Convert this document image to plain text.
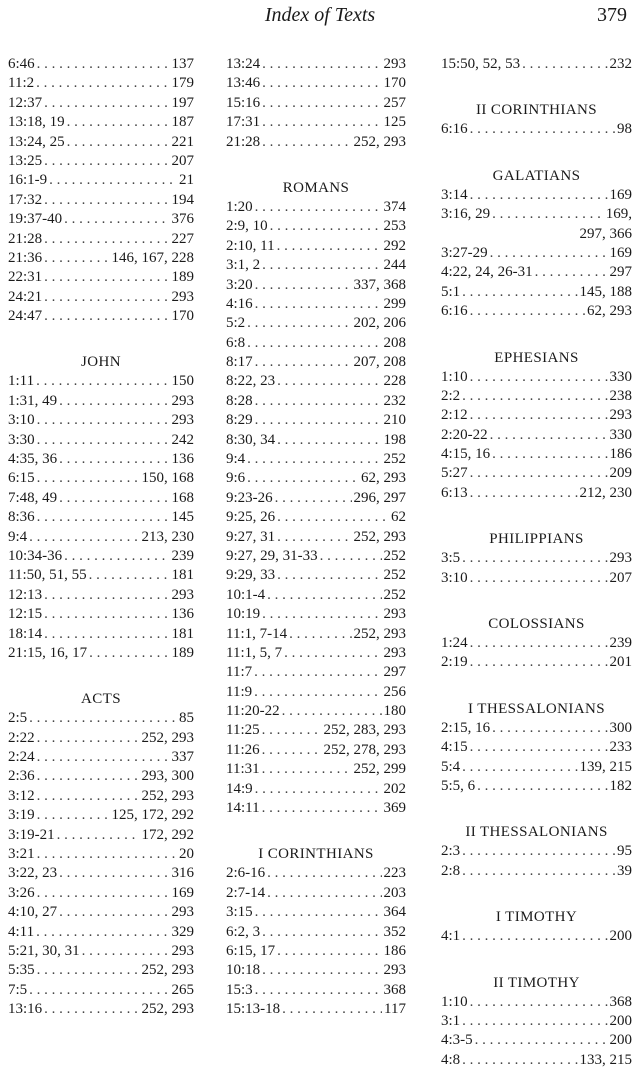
Index of Texts	379
6:46 . . .	137
11:2 . . .	179
12:37 . . .	197
13:18, 19 . . .	187
13:24, 25 . . .	221
13:25 . . .	207
16:1-9 . . .	21
17:32 . . .	194
19:37-40 . . .	376
21:28 . . .	227
21:36 . . .	146, 167, 228
22:31 . . .	189
24:21 . . .	293
24:47 . . .	170
JOHN
1:11 . . .	150
1:31, 49 . . .	293
3:10 . . .	293
3:30 . . .	242
4:35, 36 . . .	136
6:15 . . .	150, 168
7:48, 49 . . .	168
8:36 . . .	145
9:4 . . .	213, 230
10:34-36 . . .	239
11:50, 51, 55 . . .	181
12:13 . . .	293
12:15 . . .	136
18:14 . . .	181
21:15, 16, 17 . . .	189
ACTS
2:5 . . .	85
2:22 . . .	252, 293
2:24 . . .	337
2:36 . . .	293, 300
3:12 . . .	252, 293
3:19 . . .	125, 172, 292
3:19-21 . . .	172, 292
3:21 . . .	20
3:22, 23 . . .	316
3:26 . . .	169
4:10, 27 . . .	293
4:11 . . .	329
5:21, 30, 31 . . .	293
5:35 . . .	252, 293
7:5 . . .	265
13:16 . . .	252, 293
13:24 . . .	293
13:46 . . .	170
15:16 . . .	257
17:31 . . .	125
21:28 . . .	252, 293
ROMANS
1:20 . . .	374
2:9, 10 . . .	253
2:10, 11 . . .	292
3:1, 2 . . .	244
3:20 . . .	337, 368
4:16 . . .	299
5:2 . . .	202, 206
6:8 . . .	208
8:17 . . .	207, 208
8:22, 23 . . .	228
8:28 . . .	232
8:29 . . .	210
8:30, 34 . . .	198
9:4 . . .	252
9:6 . . .	62, 293
9:23-26 . . .	296, 297
9:25, 26 . . .	62
9:27, 31 . . .	252, 293
9:27, 29, 31-33 . . .	252
9:29, 33 . . .	252
10:1-4 . . .	252
10:19 . . .	293
11:1, 7-14 . . .	252, 293
11:1, 5, 7 . . .	293
11:7 . . .	297
11:9 . . .	256
11:20-22 . . .	180
11:25 . . .	252, 283, 293
11:26 . . .	252, 278, 293
11:31 . . .	252, 299
14:9 . . .	202
14:11 . . .	369
I CORINTHIANS
2:6-16 . . .	223
2:7-14 . . .	203
3:15 . . .	364
6:2, 3 . . .	352
6:15, 17 . . .	186
10:18 . . .	293
15:3 . . .	368
15:13-18 . . .	117
15:50, 52, 53 . . .	232
II CORINTHIANS
6:16 . . .	98
GALATIANS
3:14 . . .	169
3:16, 29 . . .	169,
297, 366
3:27-29 . . .	169
4:22, 24, 26-31 . . .	297
5:1 . . .	145, 188
6:16 . . .	62, 293
EPHESIANS
1:10 . . .	330
2:2 . . .	238
2:12 . . .	293
2:20-22 . . .	330
4:15, 16 . . .	186
5:27 . . .	209
6:13 . . .	212, 230
PHILIPPIANS
3:5 . . .	293
3:10 . . .	207
COLOSSIANS
1:24 . . .	239
2:19 . . .	201
I THESSALONIANS
2:15, 16 . . .	300
4:15 . . .	233
5:4 . . .	139, 215
5:5, 6 . . .	182
II THESSALONIANS
2:3 . . .	95
2:8 . . .	39
I TIMOTHY
4:1 . . .	200
II TIMOTHY
1:10 . . .	368
3:1 . . .	200
4:3-5 . . .	200
4:8 . . .	133, 215
